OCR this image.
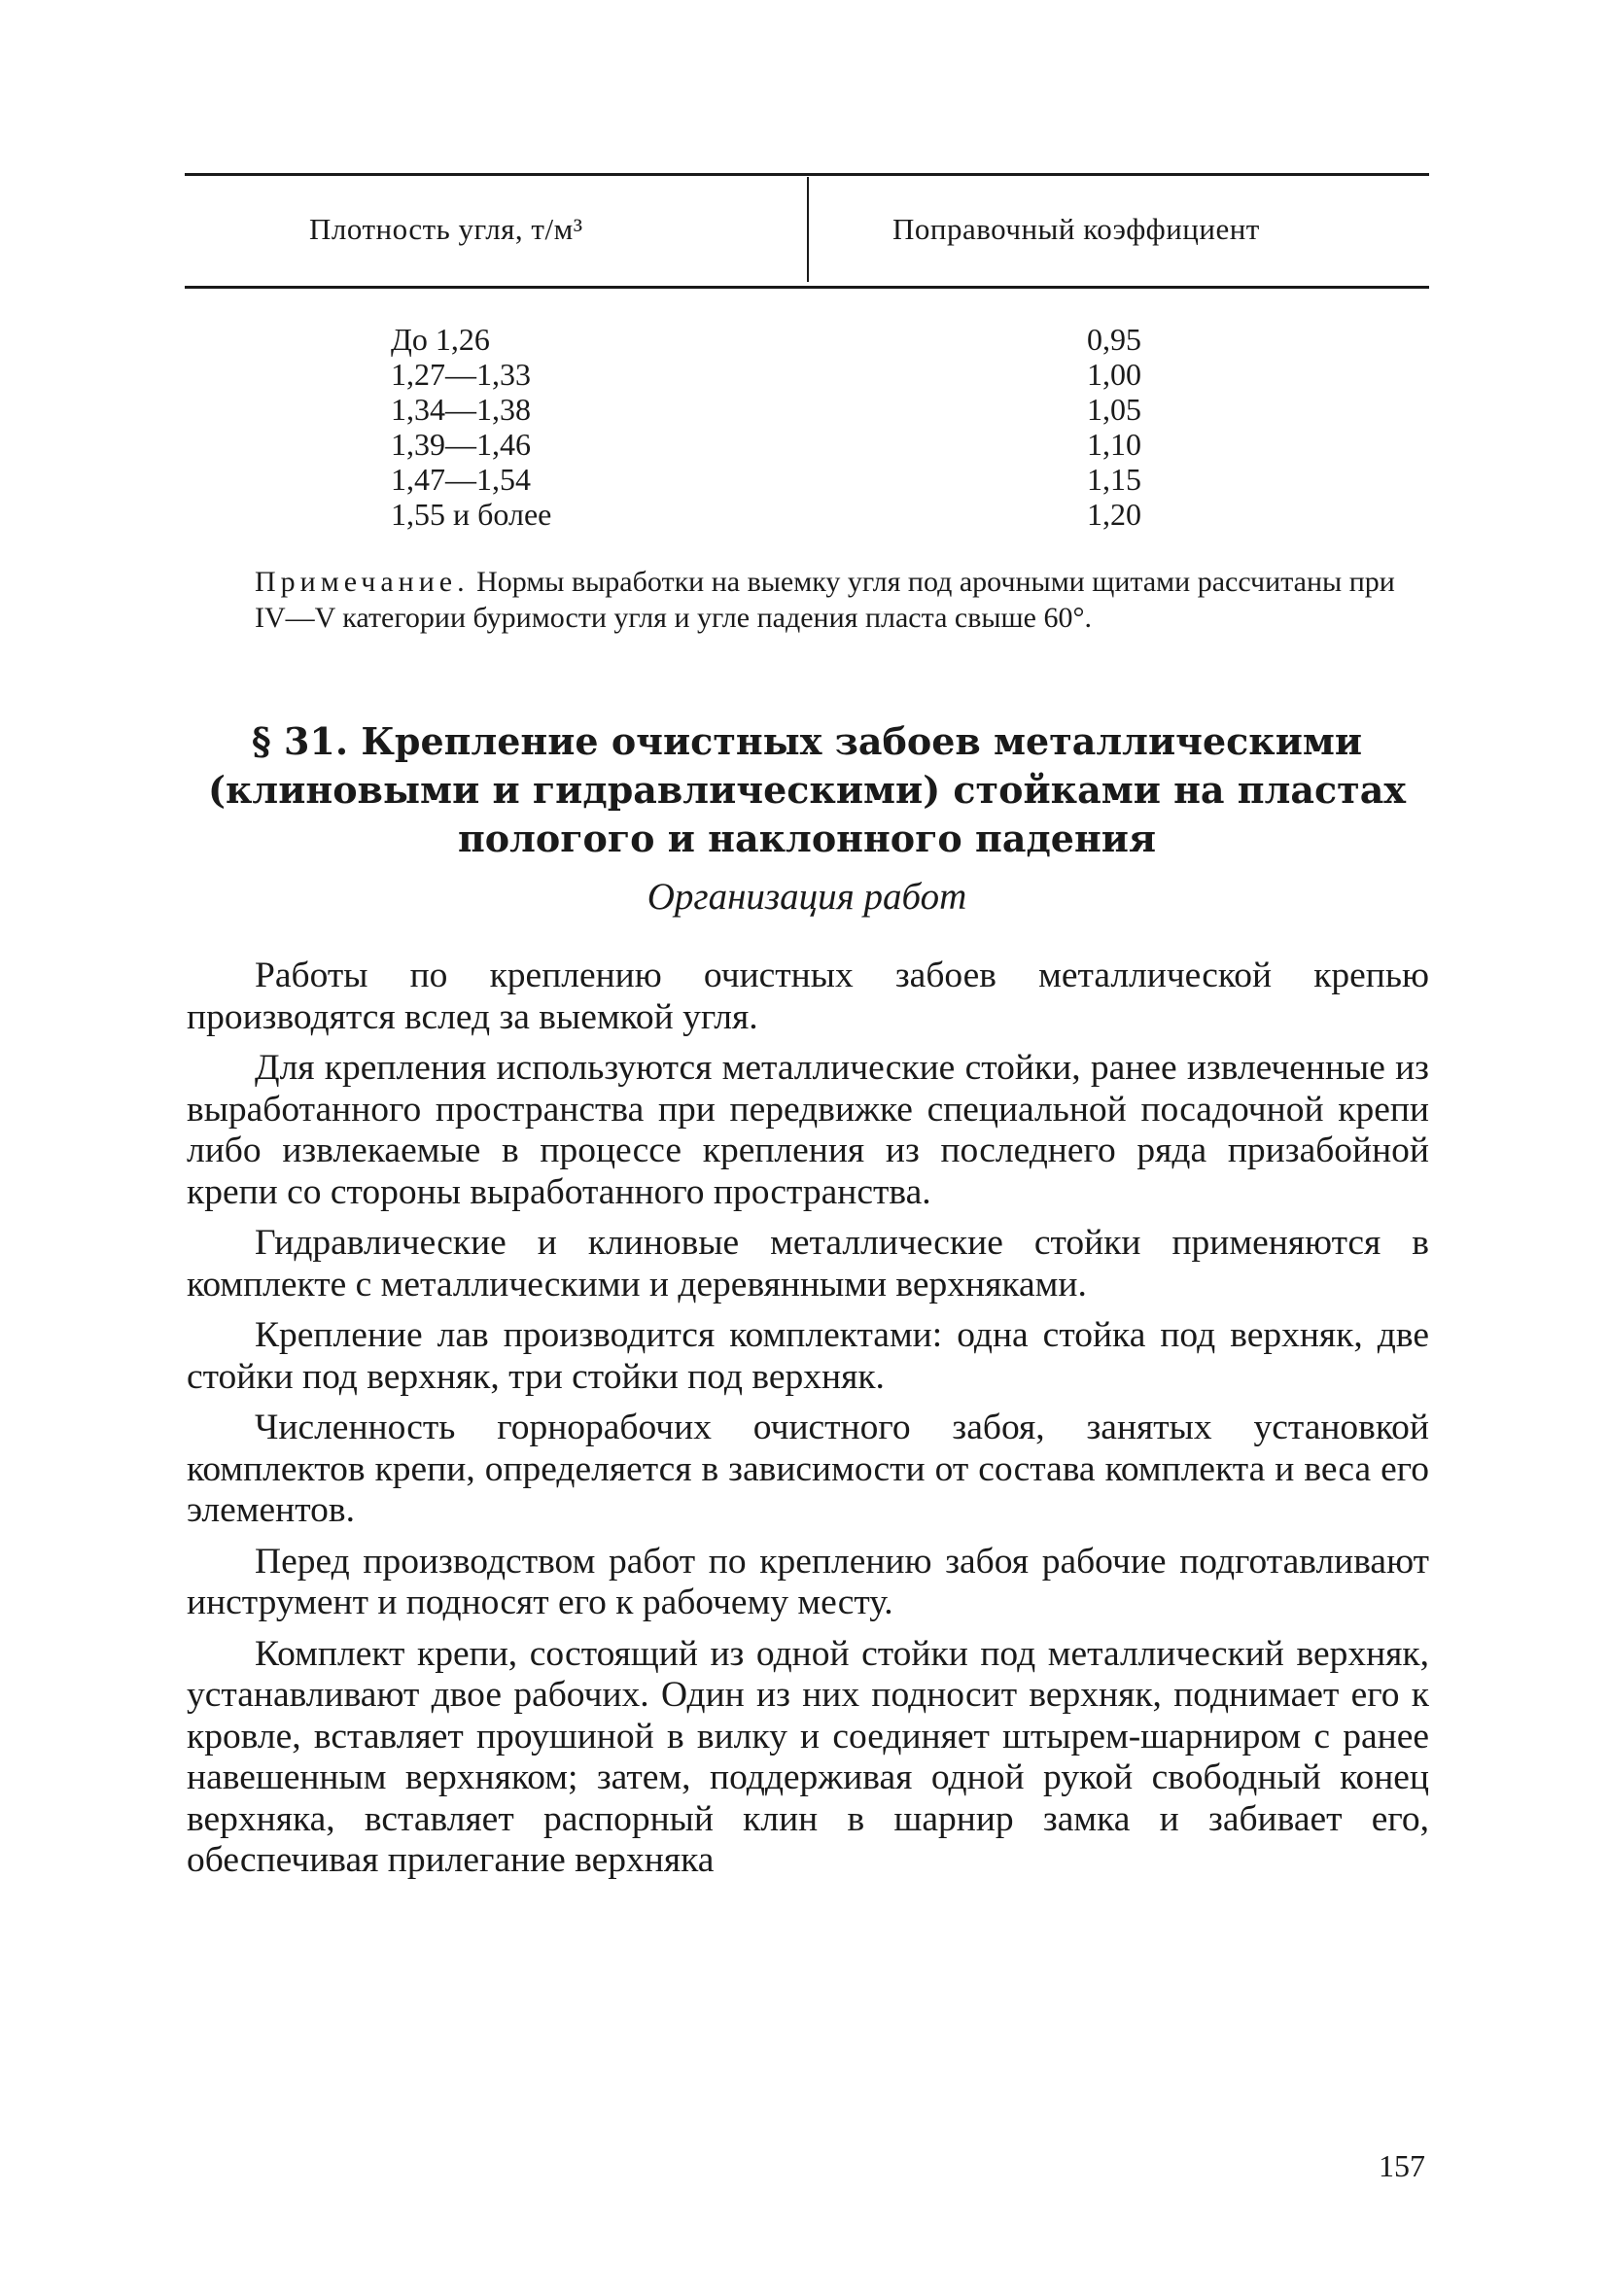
Плотность угля, т/м³	Поправочный коэффициент
До 1,26	0,95
1,27—1,33	1,00
1,34—1,38	1,05
1,39—1,46	1,10
1,47—1,54	1,15
1,55 и более	1,20
Примечание. Нормы выработки на выемку угля под арочными щитами рассчитаны при IV—V категории буримости угля и угле падения пласта свыше 60°.
§ 31. Крепление очистных забоев металлическими
(клиновыми и гидравлическими) стойками на пластах
пологого и наклонного падения
Организация работ

Работы по креплению очистных забоев металлической крепью производятся вслед за выемкой угля.

Для крепления используются металлические стойки, ранее извлеченные из выработанного пространства при передвижке специальной посадочной крепи либо извлекаемые в процессе крепления из последнего ряда призабойной крепи со стороны выработанного пространства.

Гидравлические и клиновые металлические стойки применяются в комплекте с металлическими и деревянными верхняками.

Крепление лав производится комплектами: одна стойка под верхняк, две стойки под верхняк, три стойки под верхняк.

Численность горнорабочих очистного забоя, занятых установкой комплектов крепи, определяется в зависимости от состава комплекта и веса его элементов.

Перед производством работ по креплению забоя рабочие подготавливают инструмент и подносят его к рабочему месту.

Комплект крепи, состоящий из одной стойки под металлический верхняк, устанавливают двое рабочих. Один из них подносит верхняк, поднимает его к кровле, вставляет проушиной в вилку и соединяет штырем-шарниром с ранее навешенным верхняком; затем, поддерживая одной рукой свободный конец верхняка, вставляет распорный клин в шарнир замка и забивает его, обеспечивая прилегание верхняка

157
